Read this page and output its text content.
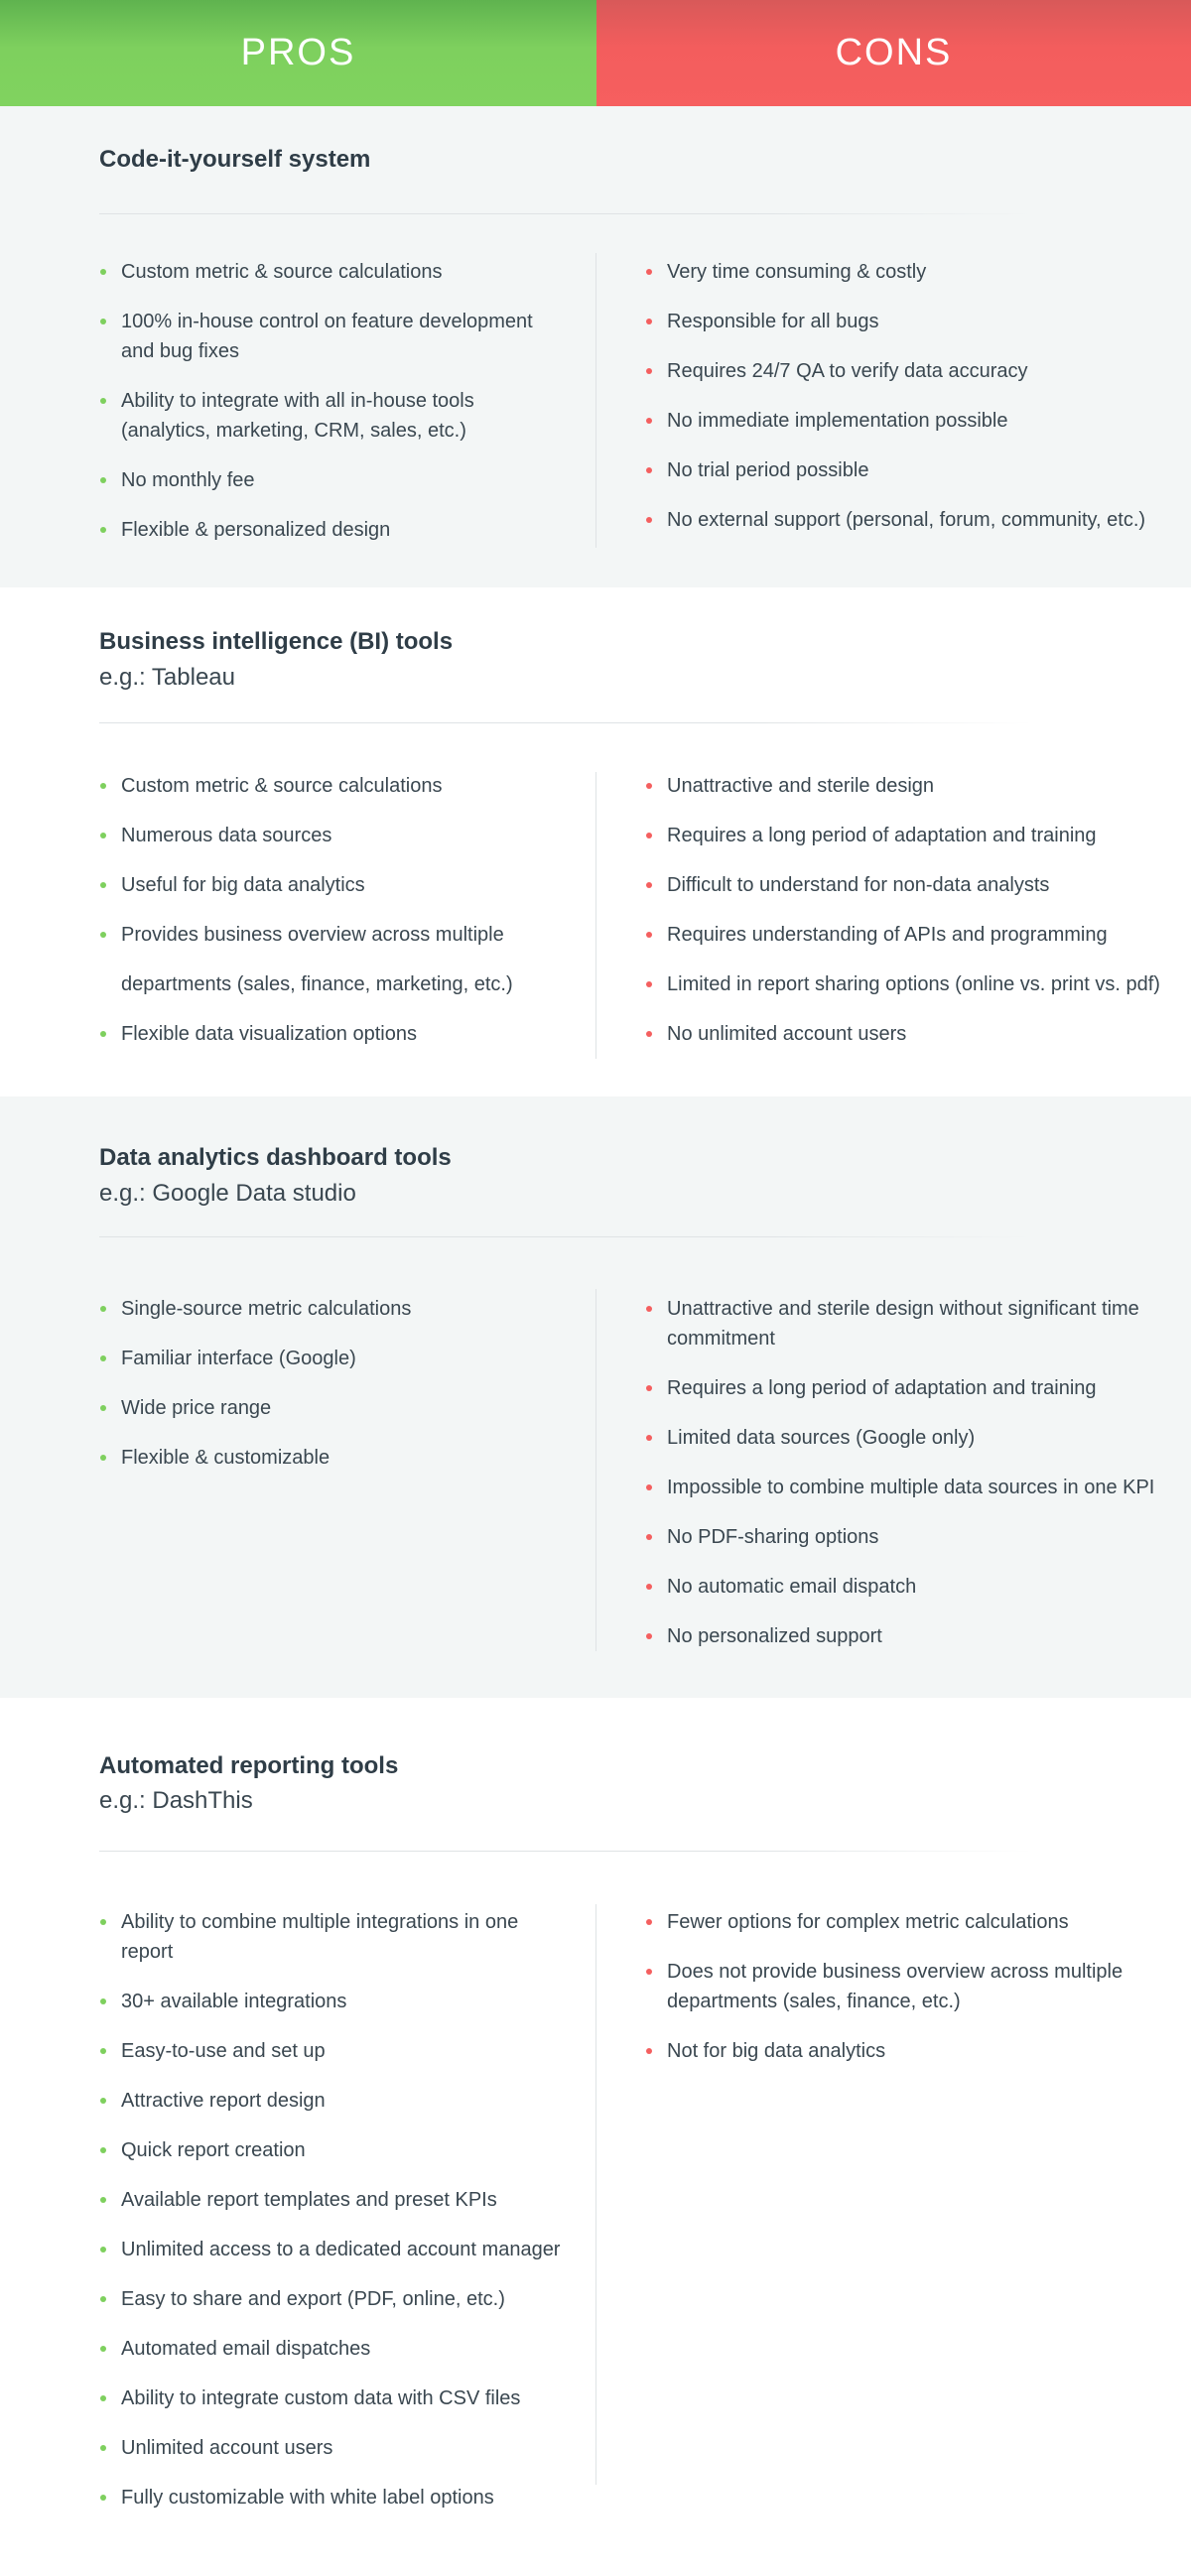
PROS	CONS
Code-it-yourself system
Custom metric & source calculations
100% in-house control on feature development and bug fixes
Ability to integrate with all in-house tools (analytics, marketing, CRM, sales, etc.)
No monthly fee
Flexible & personalized design
Very time consuming & costly
Responsible for all bugs
Requires 24/7 QA to verify data accuracy
No immediate implementation possible
No trial period possible
No external support (personal, forum, community, etc.)
Business intelligence (BI) tools
e.g.: Tableau
Custom metric & source calculations
Numerous data sources
Useful for big data analytics
Provides business overview across multiple
departments (sales, finance, marketing, etc.)
Flexible data visualization options
Unattractive and sterile design
Requires a long period of adaptation and training
Difficult to understand for non-data analysts
Requires understanding of APIs and programming
Limited in report sharing options (online vs. print vs. pdf)
No unlimited account users
Data analytics dashboard tools
e.g.: Google Data studio
Single-source metric calculations
Familiar interface (Google)
Wide price range
Flexible & customizable
Unattractive and sterile design without significant time commitment
Requires a long period of adaptation and training
Limited data sources (Google only)
Impossible to combine multiple data sources in one KPI
No PDF-sharing options
No automatic email dispatch
No personalized support
Automated reporting tools
e.g.: DashThis
Ability to combine multiple integrations in one report
30+ available integrations
Easy-to-use and set up
Attractive report design
Quick report creation
Available report templates and preset KPIs
Unlimited access to a dedicated account manager
Easy to share and export (PDF, online, etc.)
Automated email dispatches
Ability to integrate custom data with CSV files
Unlimited account users
Fully customizable with white label options
Fewer options for complex metric calculations
Does not provide business overview across multiple departments (sales, finance, etc.)
Not for big data analytics
